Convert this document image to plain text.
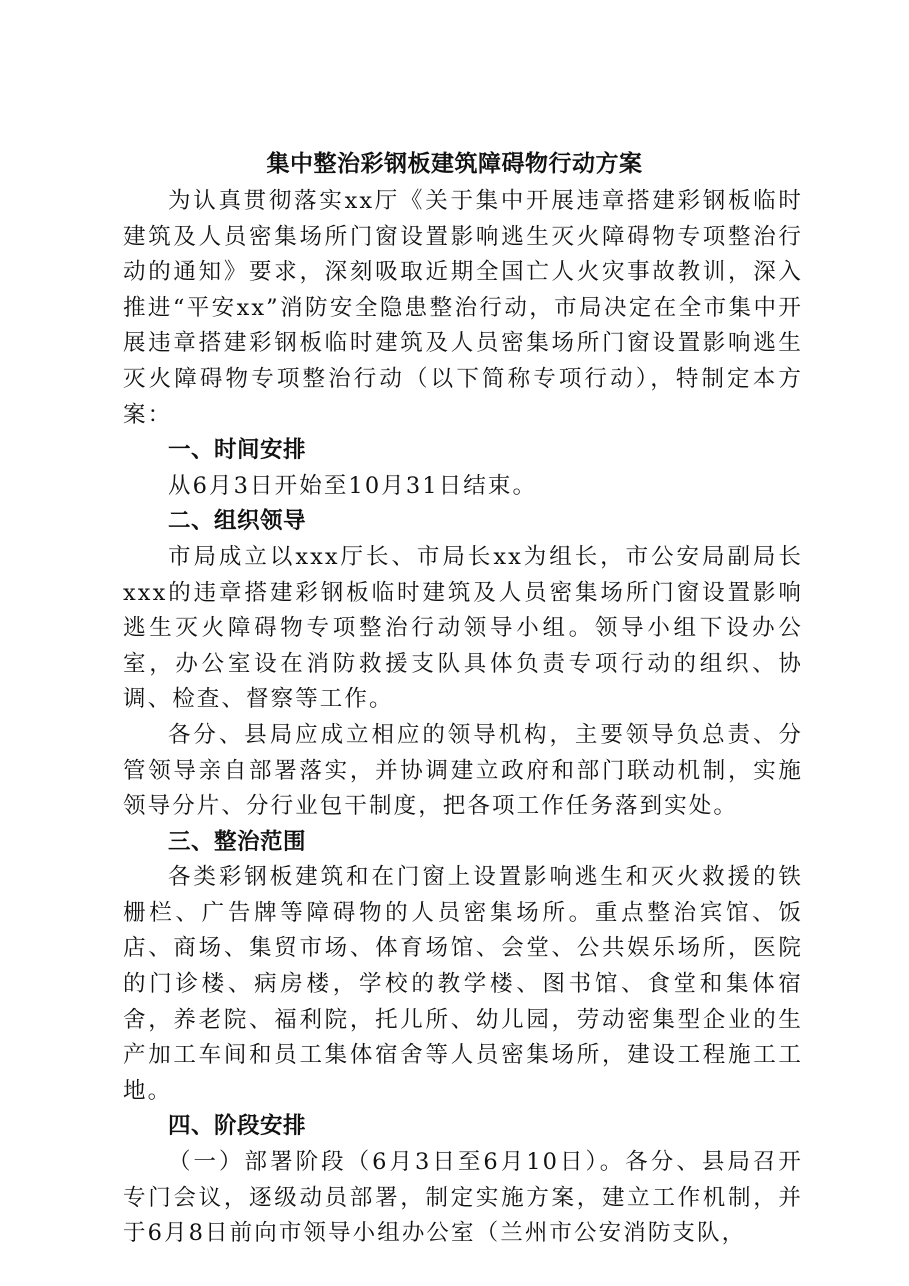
集中整治彩钢板建筑障碍物行动方案

为认真贯彻落实xx厅《关于集中开展违章搭建彩钢板临时建筑及人员密集场所门窗设置影响逃生灭火障碍物专项整治行动的通知》要求，深刻吸取近期全国亡人火灾事故教训，深入推进“平安xx”消防安全隐患整治行动，市局决定在全市集中开展违章搭建彩钢板临时建筑及人员密集场所门窗设置影响逃生灭火障碍物专项整治行动（以下简称专项行动），特制定本方案：

一、时间安排

从6月3日开始至10月31日结束。

二、组织领导

市局成立以xxx厅长、市局长xx为组长，市公安局副局长xxx的违章搭建彩钢板临时建筑及人员密集场所门窗设置影响逃生灭火障碍物专项整治行动领导小组。领导小组下设办公室，办公室设在消防救援支队具体负责专项行动的组织、协调、检查、督察等工作。

各分、县局应成立相应的领导机构，主要领导负总责、分管领导亲自部署落实，并协调建立政府和部门联动机制，实施领导分片、分行业包干制度，把各项工作任务落到实处。

三、整治范围

各类彩钢板建筑和在门窗上设置影响逃生和灭火救援的铁栅栏、广告牌等障碍物的人员密集场所。重点整治宾馆、饭店、商场、集贸市场、体育场馆、会堂、公共娱乐场所，医院的门诊楼、病房楼，学校的教学楼、图书馆、食堂和集体宿舍，养老院、福利院，托儿所、幼儿园，劳动密集型企业的生产加工车间和员工集体宿舍等人员密集场所，建设工程施工工地。

四、阶段安排

（一）部署阶段（6月3日至6月10日）。各分、县局召开专门会议，逐级动员部署，制定实施方案，建立工作机制，并于6月8日前向市领导小组办公室（兰州市公安消防支队，
